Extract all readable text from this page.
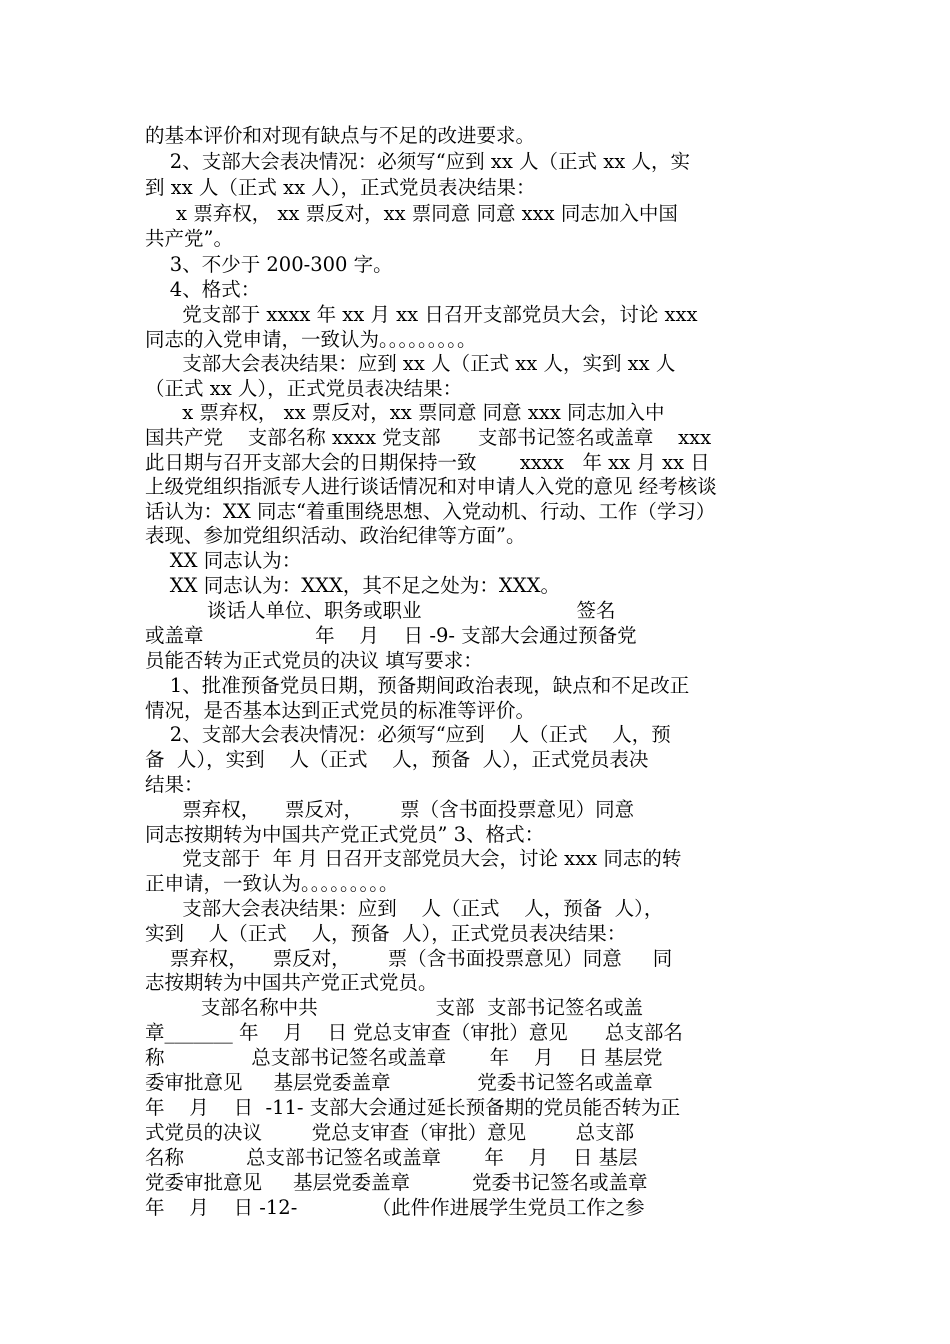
的基本评价和对现有缺点与不足的改进要求。
2、支部大会表决情况：必须写“应到 xx 人（正式 xx 人，实
到 xx 人（正式 xx 人），正式党员表决结果：
x 票弃权， xx 票反对，xx 票同意 同意 xxx 同志加入中国
共产党”。
3、不少于 200-300 字。
4、格式：
党支部于 xxxx 年 xx 月 xx 日召开支部党员大会，讨论 xxx
同志的入党申请，一致认为。。。。。。。。。
支部大会表决结果：应到 xx 人（正式 xx 人，实到 xx 人
（正式 xx 人），正式党员表决结果：
x 票弃权， xx 票反对，xx 票同意 同意 xxx 同志加入中
国共产党    支部名称 xxxx 党支部      支部书记签名或盖章    xxx
此日期与召开支部大会的日期保持一致       xxxx   年 xx 月 xx 日
上级党组织指派专人进行谈话情况和对申请人入党的意见 经考核谈
话认为：XX 同志“着重围绕思想、入党动机、行动、工作（学习）
表现、参加党组织活动、政治纪律等方面”。
XX 同志认为：
XX 同志认为：XXX，其不足之处为：XXX。
谈话人单位、职务或职业                         签名
或盖章                  年    月    日 -9- 支部大会通过预备党
员能否转为正式党员的决议 填写要求：
1、批准预备党员日期，预备期间政治表现，缺点和不足改正
情况，是否基本达到正式党员的标准等评价。
2、支部大会表决情况：必须写“应到    人（正式    人，预
备  人），实到    人（正式    人，预备  人），正式党员表决
结果：
票弃权，    票反对，      票（含书面投票意见）同意
同志按期转为中国共产党正式党员” 3、格式：
党支部于  年 月 日召开支部党员大会，讨论 xxx 同志的转
正申请，一致认为。。。。。。。。。
支部大会表决结果：应到    人（正式    人，预备  人），
实到    人（正式    人，预备  人），正式党员表决结果：
票弃权，    票反对，      票（含书面投票意见）同意     同
志按期转为中国共产党正式党员。
支部名称中共                   支部  支部书记签名或盖
章_______ 年    月    日 党总支审查（审批）意见      总支部名
称              总支部书记签名或盖章       年    月    日 基层党
委审批意见     基层党委盖章              党委书记签名或盖章
年    月    日  -11- 支部大会通过延长预备期的党员能否转为正
式党员的决议        党总支审查（审批）意见        总支部
名称          总支部书记签名或盖章       年    月    日 基层
党委审批意见     基层党委盖章          党委书记签名或盖章
年    月    日 -12-            （此件作进展学生党员工作之参
